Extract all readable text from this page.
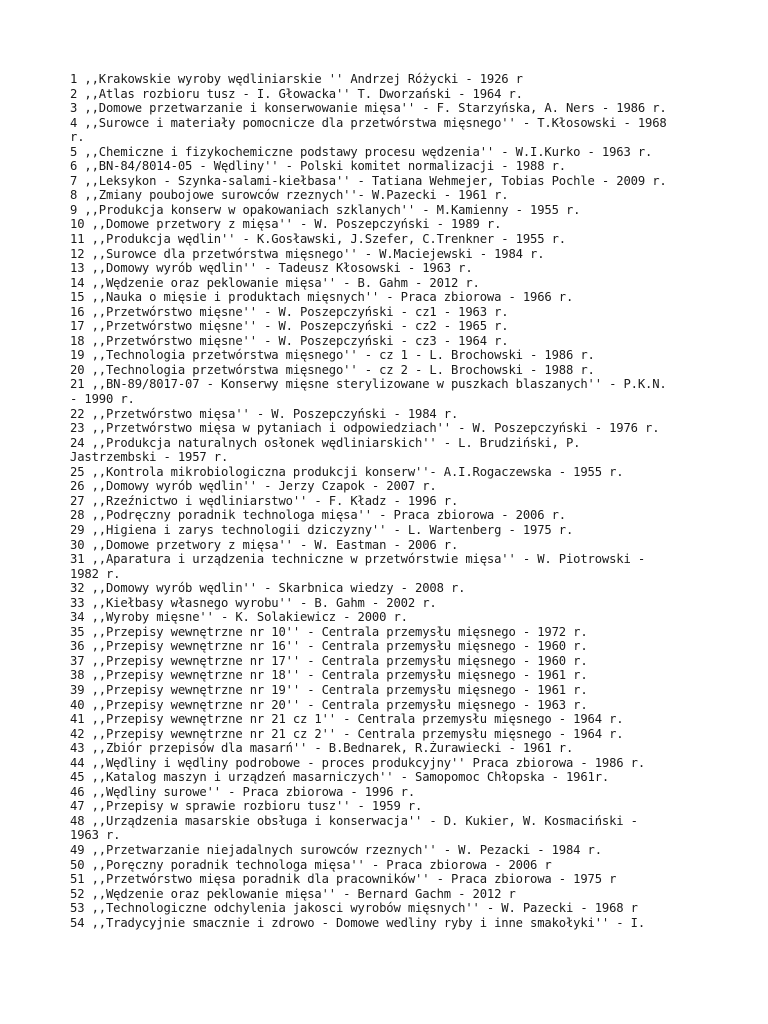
1 ,,Krakowskie wyroby wędliniarskie '' Andrzej Różycki - 1926 r
2 ,,Atlas rozbioru tusz - I. Głowacka'' T. Dworzański - 1964 r.
3 ,,Domowe przetwarzanie i konserwowanie mięsa'' - F. Starzyńska, A. Ners - 1986 r.
4 ,,Surowce i materiały pomocnicze dla przetwórstwa mięsnego'' - T.Kłosowski - 1968
r.
5 ,,Chemiczne i fizykochemiczne podstawy procesu wędzenia'' - W.I.Kurko - 1963 r.
6 ,,BN-84/8014-05 - Wędliny'' - Polski komitet normalizacji - 1988 r.
7 ,,Leksykon - Szynka-salami-kiełbasa'' - Tatiana Wehmejer, Tobias Pochle - 2009 r.
8 ,,Zmiany poubojowe surowców rzeznych''- W.Pazecki - 1961 r.
9 ,,Produkcja konserw w opakowaniach szklanych'' - M.Kamienny - 1955 r.
10 ,,Domowe przetwory z mięsa'' - W. Poszepczyński - 1989 r.
11 ,,Produkcja wędlin'' - K.Gosławski, J.Szefer, C.Trenkner - 1955 r.
12 ,,Surowce dla przetwórstwa mięsnego'' - W.Maciejewski - 1984 r.
13 ,,Domowy wyrób wędlin'' - Tadeusz Kłosowski - 1963 r.
14 ,,Wędzenie oraz peklowanie mięsa'' - B. Gahm - 2012 r.
15 ,,Nauka o mięsie i produktach mięsnych'' - Praca zbiorowa - 1966 r.
16 ,,Przetwórstwo mięsne'' - W. Poszepczyński - cz1 - 1963 r.
17 ,,Przetwórstwo mięsne'' - W. Poszepczyński - cz2 - 1965 r.
18 ,,Przetwórstwo mięsne'' - W. Poszepczyński - cz3 - 1964 r.
19 ,,Technologia przetwórstwa mięsnego'' - cz 1 - L. Brochowski - 1986 r.
20 ,,Technologia przetwórstwa mięsnego'' - cz 2 - L. Brochowski - 1988 r.
21 ,,BN-89/8017-07 - Konserwy mięsne sterylizowane w puszkach blaszanych'' - P.K.N.
- 1990 r.
22 ,,Przetwórstwo mięsa'' - W. Poszepczyński - 1984 r.
23 ,,Przetwórstwo mięsa w pytaniach i odpowiedziach'' - W. Poszepczyński - 1976 r.
24 ,,Produkcja naturalnych osłonek wędliniarskich'' - L. Brudziński, P.
Jastrzembski - 1957 r.
25 ,,Kontrola mikrobiologiczna produkcji konserw''- A.I.Rogaczewska - 1955 r.
26 ,,Domowy wyrób wędlin'' - Jerzy Czapok - 2007 r.
27 ,,Rzeźnictwo i wędliniarstwo'' - F. Kładz - 1996 r.
28 ,,Podręczny poradnik technologa mięsa'' - Praca zbiorowa - 2006 r.
29 ,,Higiena i zarys technologii dziczyzny'' - L. Wartenberg - 1975 r.
30 ,,Domowe przetwory z mięsa'' - W. Eastman - 2006 r.
31 ,,Aparatura i urządzenia techniczne w przetwórstwie mięsa'' - W. Piotrowski -
1982 r.
32 ,,Domowy wyrób wędlin'' - Skarbnica wiedzy - 2008 r.
33 ,,Kiełbasy własnego wyrobu'' - B. Gahm - 2002 r.
34 ,,Wyroby mięsne'' - K. Solakiewicz - 2000 r.
35 ,,Przepisy wewnętrzne nr 10'' - Centrala przemysłu mięsnego - 1972 r.
36 ,,Przepisy wewnętrzne nr 16'' - Centrala przemysłu mięsnego - 1960 r.
37 ,,Przepisy wewnętrzne nr 17'' - Centrala przemysłu mięsnego - 1960 r.
38 ,,Przepisy wewnętrzne nr 18'' - Centrala przemysłu mięsnego - 1961 r.
39 ,,Przepisy wewnętrzne nr 19'' - Centrala przemysłu mięsnego - 1961 r.
40 ,,Przepisy wewnętrzne nr 20'' - Centrala przemysłu mięsnego - 1963 r.
41 ,,Przepisy wewnętrzne nr 21 cz 1'' - Centrala przemysłu mięsnego - 1964 r.
42 ,,Przepisy wewnętrzne nr 21 cz 2'' - Centrala przemysłu mięsnego - 1964 r.
43 ,,Zbiór przepisów dla masarń'' - B.Bednarek, R.Żurawiecki - 1961 r.
44 ,,Wędliny i wędliny podrobowe - proces produkcyjny'' Praca zbiorowa - 1986 r.
45 ,,Katalog maszyn i urządzeń masarniczych'' - Samopomoc Chłopska - 1961r.
46 ,,Wędliny surowe'' - Praca zbiorowa - 1996 r.
47 ,,Przepisy w sprawie rozbioru tusz'' - 1959 r.
48 ,,Urządzenia masarskie obsługa i konserwacja'' - D. Kukier, W. Kosmaciński -
1963 r.
49 ,,Przetwarzanie niejadalnych surowców rzeznych'' - W. Pezacki - 1984 r.
50 ,,Poręczny poradnik technologa mięsa'' - Praca zbiorowa - 2006 r
51 ,,Przetwórstwo mięsa poradnik dla pracowników'' - Praca zbiorowa - 1975 r
52 ,,Wędzenie oraz peklowanie mięsa'' - Bernard Gachm - 2012 r
53 ,,Technologiczne odchylenia jakosci wyrobów mięsnych'' - W. Pazecki - 1968 r
54 ,,Tradycyjnie smacznie i zdrowo - Domowe wedliny ryby i inne smakołyki'' - I.
